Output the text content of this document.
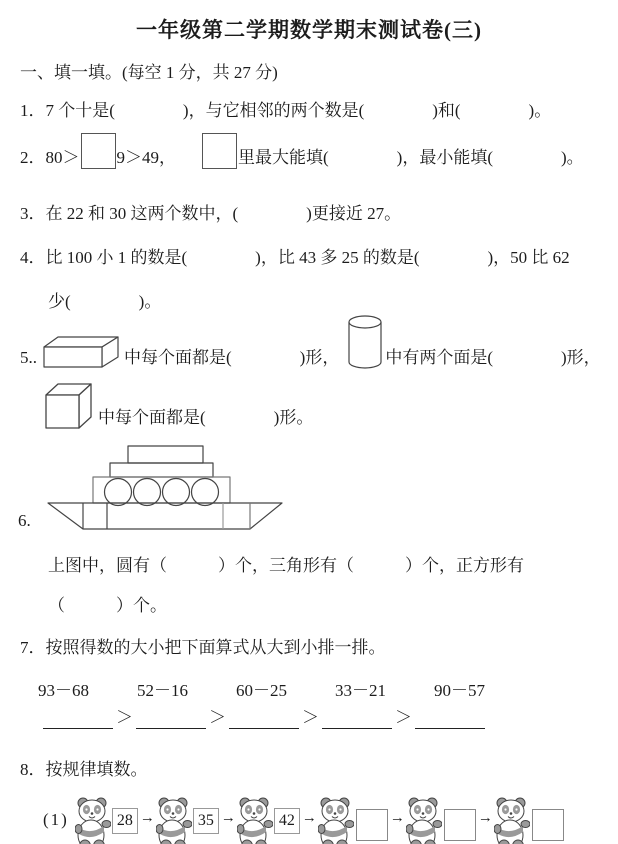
一年级第二学期数学期末测试卷(三)
一、填一填。(每空 1 分，共 27 分)
1．7 个十是(　　　　)，与它相邻的两个数是(　　　　)和(　　　　)。
2．80＞ 9＞49，	里最大能填(　　　　)，最小能填(　　　　)。
3．在 22 和 30 这两个数中，(　　　　)更接近 27。
4．比 100 小 1 的数是(　　　　)，比 43 多 25 的数是(　　　　)，50 比 62
少(　　　　)。
5..	中每个面都是(　　　　)形，	中有两个面是(　　　　)形，
中每个面都是(　　　　)形。
6.
上图中，圆有（　　　）个，三角形有（　　　）个，正方形有
（　　　）个。
7．按照得数的大小把下面算式从大到小排一排。
93－68	52－16	60－25	33－21	90－57
＞	＞	＞	＞
8．按规律填数。
(1)	28 →	35 →	42 →	→	→
